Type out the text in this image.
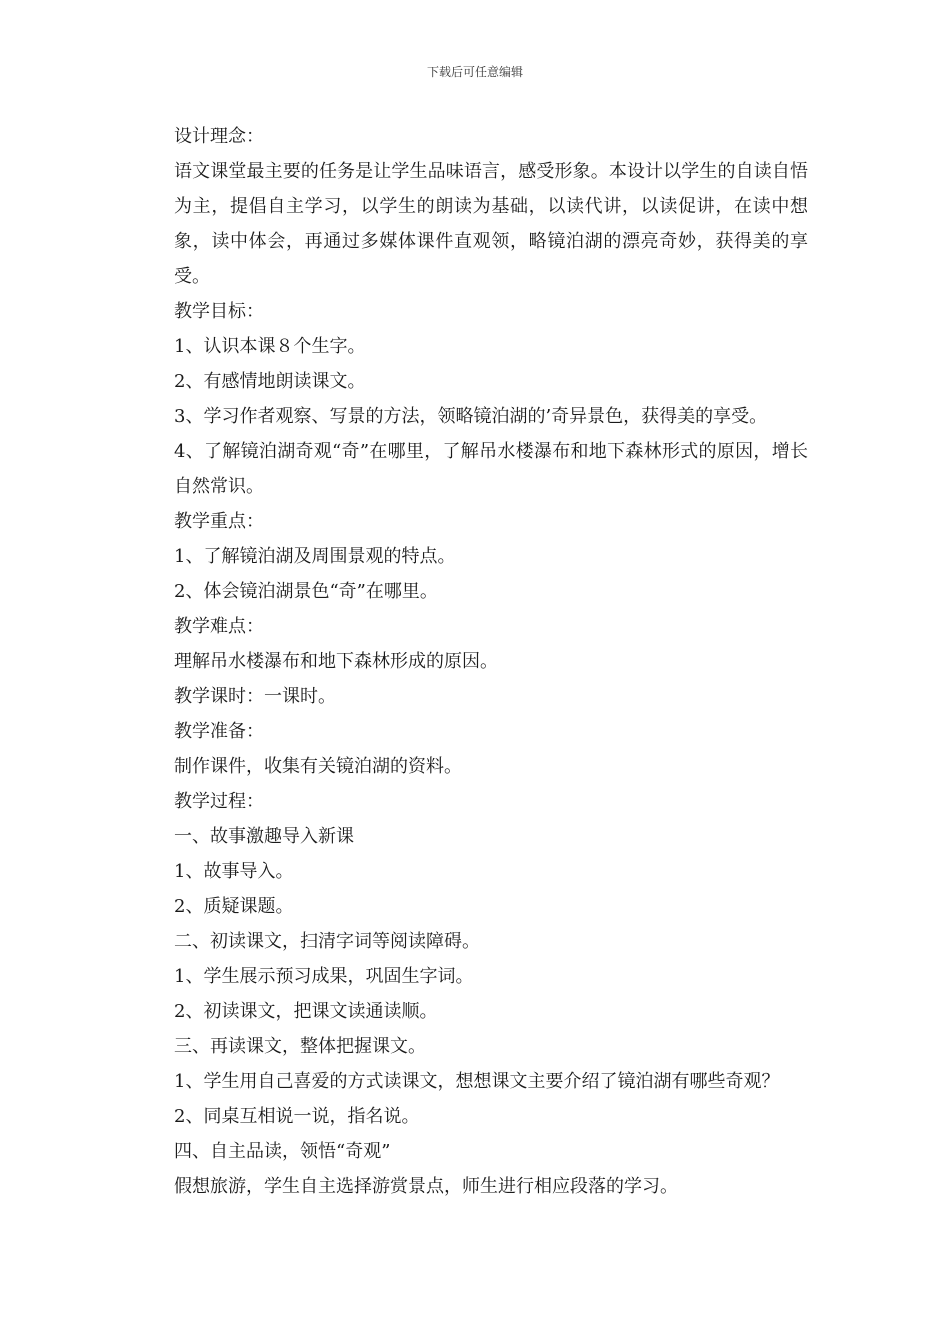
下载后可任意编辑

设计理念：

语文课堂最主要的任务是让学生品味语言，感受形象。本设计以学生的自读自悟为主，提倡自主学习，以学生的朗读为基础，以读代讲，以读促讲，在读中想象，读中体会，再通过多媒体课件直观领，略镜泊湖的漂亮奇妙，获得美的享受。

教学目标：

1、认识本课８个生字。

2、有感情地朗读课文。

3、学习作者观察、写景的方法，领略镜泊湖的’奇异景色，获得美的享受。

4、了解镜泊湖奇观“奇”在哪里，了解吊水楼瀑布和地下森林形式的原因，增长自然常识。

教学重点：

1、了解镜泊湖及周围景观的特点。

2、体会镜泊湖景色“奇”在哪里。

教学难点：

理解吊水楼瀑布和地下森林形成的原因。

教学课时：一课时。

教学准备：

制作课件，收集有关镜泊湖的资料。

教学过程：

一、故事激趣导入新课

1、故事导入。

2、质疑课题。

二、初读课文，扫清字词等阅读障碍。

1、学生展示预习成果，巩固生字词。

2、初读课文，把课文读通读顺。

三、再读课文，整体把握课文。

1、学生用自己喜爱的方式读课文，想想课文主要介绍了镜泊湖有哪些奇观？

2、同桌互相说一说，指名说。

四、自主品读，领悟“奇观”

假想旅游，学生自主选择游赏景点，师生进行相应段落的学习。
